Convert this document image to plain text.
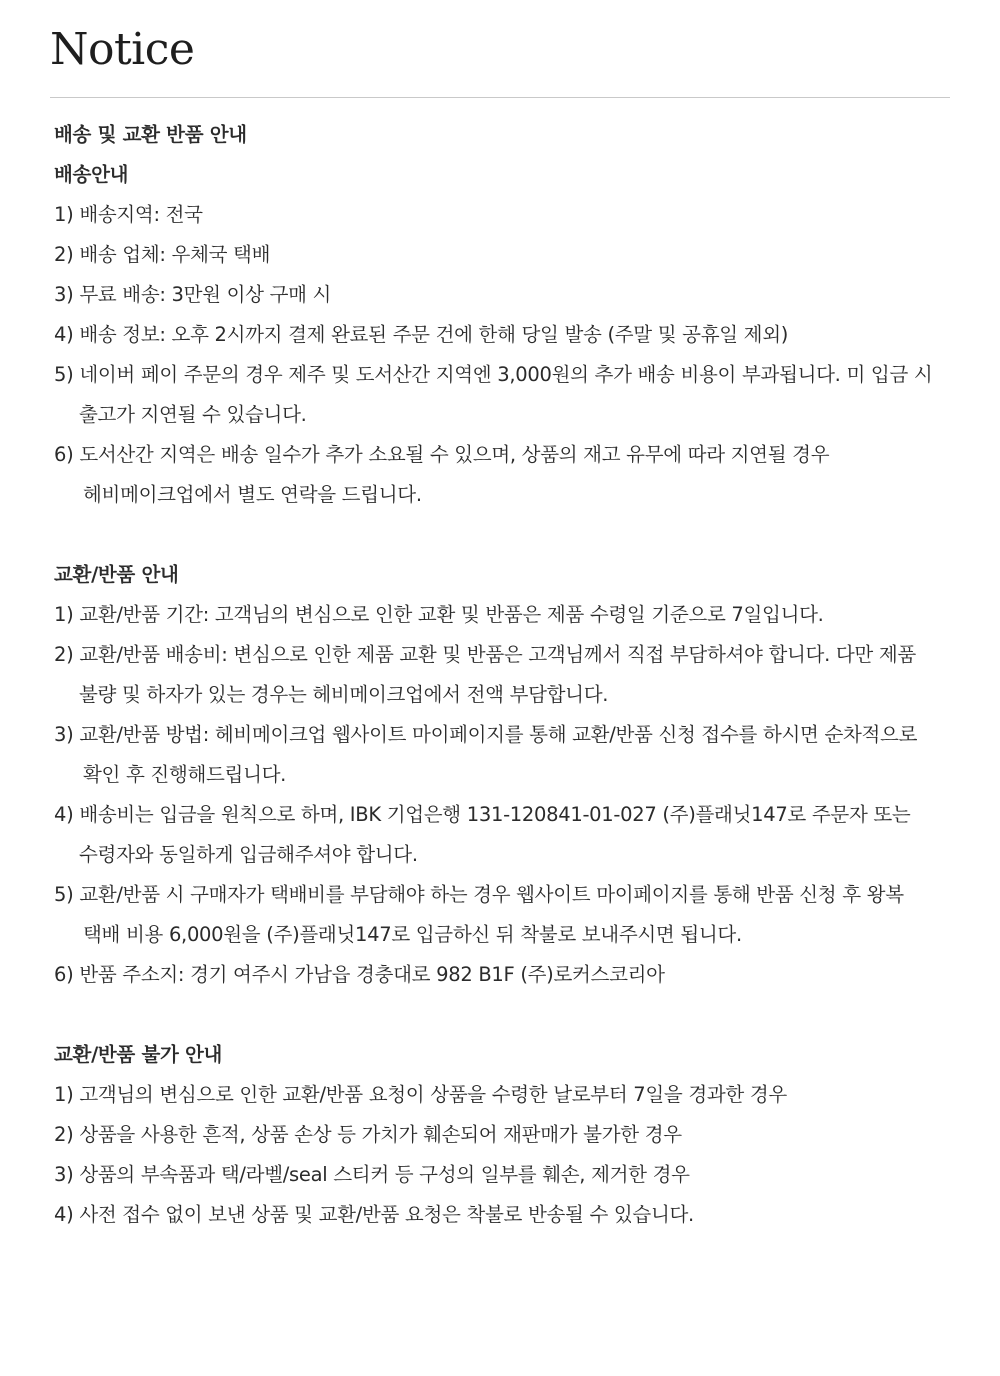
Notice
배송 및 교환 반품 안내
배송안내
1) 배송지역: 전국
2) 배송 업체: 우체국 택배
3) 무료 배송: 3만원 이상 구매 시
4) 배송 정보: 오후 2시까지 결제 완료된 주문 건에 한해 당일 발송 (주말 및 공휴일 제외)
5) 네이버 페이 주문의 경우 제주 및 도서산간 지역엔 3,000원의 추가 배송 비용이 부과됩니다. 미 입금 시
출고가 지연될 수 있습니다.
6) 도서산간 지역은 배송 일수가 추가 소요될 수 있으며, 상품의 재고 유무에 따라 지연될 경우
헤비메이크업에서 별도 연락을 드립니다.
교환/반품 안내
1) 교환/반품 기간: 고객님의 변심으로 인한 교환 및 반품은 제품 수령일 기준으로 7일입니다.
2) 교환/반품 배송비: 변심으로 인한 제품 교환 및 반품은 고객님께서 직접 부담하셔야 합니다. 다만 제품
불량 및 하자가 있는 경우는 헤비메이크업에서 전액 부담합니다.
3) 교환/반품 방법: 헤비메이크업 웹사이트 마이페이지를 통해 교환/반품 신청 접수를 하시면 순차적으로
확인 후 진행해드립니다.
4) 배송비는 입금을 원칙으로 하며, IBK 기업은행 131-120841-01-027 (주)플래닛147로 주문자 또는
수령자와 동일하게 입금해주셔야 합니다.
5) 교환/반품 시 구매자가 택배비를 부담해야 하는 경우 웹사이트 마이페이지를 통해 반품 신청 후 왕복
택배 비용 6,000원을 (주)플래닛147로 입금하신 뒤 착불로 보내주시면 됩니다.
6) 반품 주소지: 경기 여주시 가남읍 경충대로 982 B1F (주)로커스코리아
교환/반품 불가 안내
1) 고객님의 변심으로 인한 교환/반품 요청이 상품을 수령한 날로부터 7일을 경과한 경우
2) 상품을 사용한 흔적, 상품 손상 등 가치가 훼손되어 재판매가 불가한 경우
3) 상품의 부속품과 택/라벨/seal 스티커 등 구성의 일부를 훼손, 제거한 경우
4) 사전 접수 없이 보낸 상품 및 교환/반품 요청은 착불로 반송될 수 있습니다.
